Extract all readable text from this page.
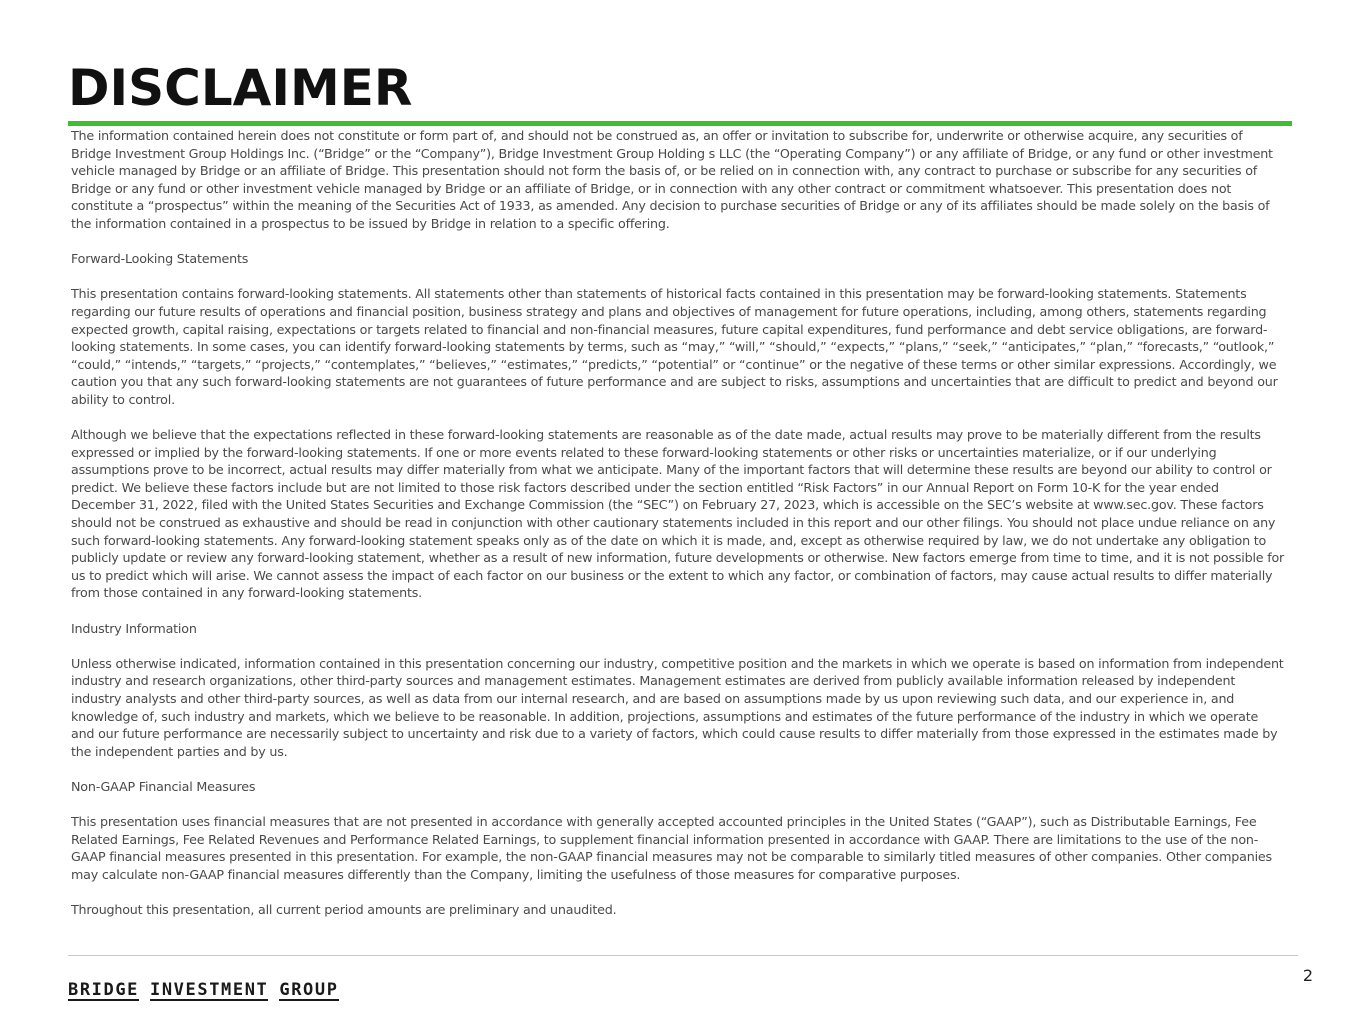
DISCLAIMER

The information contained herein does not constitute or form part of, and should not be construed as, an offer or invitation to subscribe for, underwrite or otherwise acquire, any securities of Bridge Investment Group Holdings Inc. (“Bridge” or the “Company”), Bridge Investment Group Holding s LLC (the “Operating Company”) or any affiliate of Bridge, or any fund or other investment vehicle managed by Bridge or an affiliate of Bridge. This presentation should not form the basis of, or be relied on in connection with, any contract to purchase or subscribe for any securities of Bridge or any fund or other investment vehicle managed by Bridge or an affiliate of Bridge, or in connection with any other contract or commitment whatsoever. This presentation does not constitute a “prospectus” within the meaning of the Securities Act of 1933, as amended. Any decision to purchase securities of Bridge or any of its affiliates should be made solely on the basis of the information contained in a prospectus to be issued by Bridge in relation to a specific offering.

Forward-Looking Statements

This presentation contains forward-looking statements. All statements other than statements of historical facts contained in this presentation may be forward-looking statements. Statements regarding our future results of operations and financial position, business strategy and plans and objectives of management for future operations, including, among others, statements regarding expected growth, capital raising, expectations or targets related to financial and non-financial measures, future capital expenditures, fund performance and debt service obligations, are forward-looking statements. In some cases, you can identify forward-looking statements by terms, such as “may,” “will,” “should,” “expects,” “plans,” “seek,” “anticipates,” “plan,” “forecasts,” “outlook,” “could,” “intends,” “targets,” “projects,” “contemplates,” “believes,” “estimates,” “predicts,” “potential” or “continue” or the negative of these terms or other similar expressions. Accordingly, we caution you that any such forward-looking statements are not guarantees of future performance and are subject to risks, assumptions and uncertainties that are difficult to predict and beyond our ability to control.

Although we believe that the expectations reflected in these forward-looking statements are reasonable as of the date made, actual results may prove to be materially different from the results expressed or implied by the forward-looking statements. If one or more events related to these forward-looking statements or other risks or uncertainties materialize, or if our underlying assumptions prove to be incorrect, actual results may differ materially from what we anticipate. Many of the important factors that will determine these results are beyond our ability to control or predict. We believe these factors include but are not limited to those risk factors described under the section entitled “Risk Factors” in our Annual Report on Form 10-K for the year ended December 31, 2022, filed with the United States Securities and Exchange Commission (the “SEC”) on February 27, 2023, which is accessible on the SEC’s website at www.sec.gov. These factors should not be construed as exhaustive and should be read in conjunction with other cautionary statements included in this report and our other filings. You should not place undue reliance on any such forward-looking statements. Any forward-looking statement speaks only as of the date on which it is made, and, except as otherwise required by law, we do not undertake any obligation to publicly update or review any forward-looking statement, whether as a result of new information, future developments or otherwise. New factors emerge from time to time, and it is not possible for us to predict which will arise. We cannot assess the impact of each factor on our business or the extent to which any factor, or combination of factors, may cause actual results to differ materially from those contained in any forward-looking statements.

Industry Information

Unless otherwise indicated, information contained in this presentation concerning our industry, competitive position and the markets in which we operate is based on information from independent industry and research organizations, other third-party sources and management estimates. Management estimates are derived from publicly available information released by independent industry analysts and other third-party sources, as well as data from our internal research, and are based on assumptions made by us upon reviewing such data, and our experience in, and knowledge of, such industry and markets, which we believe to be reasonable. In addition, projections, assumptions and estimates of the future performance of the industry in which we operate and our future performance are necessarily subject to uncertainty and risk due to a variety of factors, which could cause results to differ materially from those expressed in the estimates made by the independent parties and by us.

Non-GAAP Financial Measures

This presentation uses financial measures that are not presented in accordance with generally accepted accounted principles in the United States (“GAAP”), such as Distributable Earnings, Fee Related Earnings, Fee Related Revenues and Performance Related Earnings, to supplement financial information presented in accordance with GAAP. There are limitations to the use of the non-GAAP financial measures presented in this presentation. For example, the non-GAAP financial measures may not be comparable to similarly titled measures of other companies. Other companies may calculate non-GAAP financial measures differently than the Company, limiting the usefulness of those measures for comparative purposes.

Throughout this presentation, all current period amounts are preliminary and unaudited.

BRIDGE INVESTMENT GROUP
2
